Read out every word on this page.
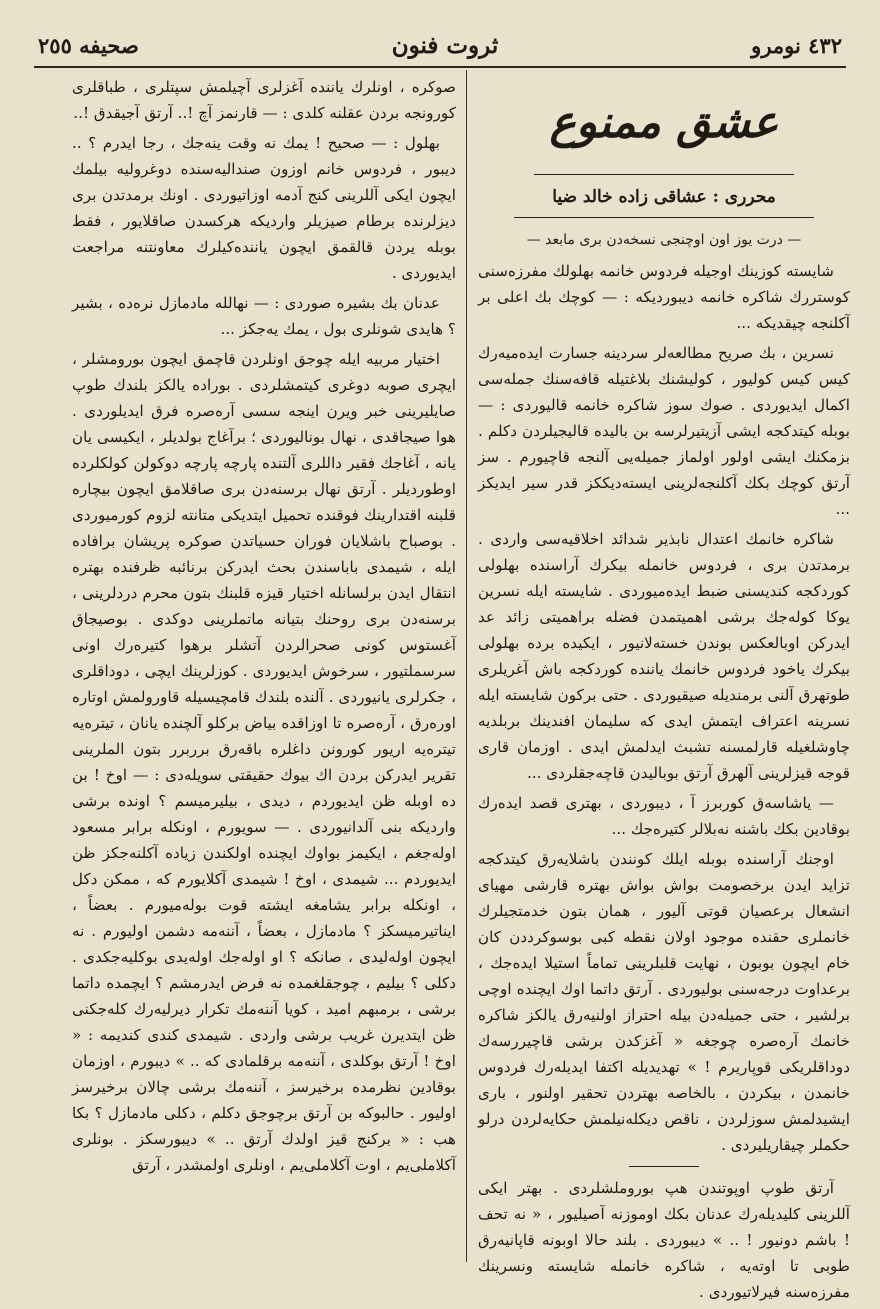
٤٣٢ نومرو
ثروت فنون
صحیفه ٢٥٥
عشق ممنوع
محرری : عشاقی زاده خالد ضیا
— درت یوز اون اوچنجی نسخه‌دن بری مابعد —

شایسته کوزینك اوجیله فردوس خانمه بهلولك مفرزه‌سنی کوستررك شاکره خانمه دیبوردیکه : — کوچك بك اعلی بر آکلنجه چیقدیکه ...

نسرین ، بك صریح مطالعه‌لر سردینه جسارت ایده‌میه‌رك کیس کیس کولیور ، کولیشنك بلاغتیله قافه‌سنك جمله‌سی اکمال ایدیوردی . صوك سوز شاکره خانمه قالیوردی : — بوبله کیتدکجه ایشی آزیتیرلرسه بن بالیده قالیجیلردن دکلم . بزمکنك ایشی اولور اولماز جمیله‌یی آلنجه قاچیورم . سز آرتق کوچك بکك آکلنجه‌لرینی ایسته‌دیککز قدر سیر ایدیکز ...

شاکره خانمك اعتدال نابذیر شدائد اخلاقیه‌سی واردی . برمدتدن بری ، فردوس خانمله بیکرك آراسنده بهلولی کوردکجه کندیسنی ضبط ایده‌میوردی . شایسته ایله نسرین یوکا کوله‌جك برشی اهمیتمدن فضله براهمیتی زائد عد ایدرکن اوبالعکس بوندن خسته‌لانیور ، ایکیده برده بهلولی بیکرك یاخود فردوس خانمك یاننده کوردکجه باش آغریلری طوتهرق آلنی برمندیله صیقیوردی . حتی برکون شایسته ایله نسرینه اعتراف ایتمش ایدی که سلیمان افندینك بربلدیه چاوشلغیله قارلمسنه تشبث ایدلمش ایدی . اوزمان قاری قوجه قیزلرینی آلهرق آرتق بوبالیدن قاچه‌جقلردی ...

— یاشاسه‌ق کوربرز آ ، دیبوردی ، بهتری قصد ایده‌رك بوقادین بکك باشنه نه‌بلالر کتیره‌جك ...

اوجنك آراسنده بوبله ایلك کونندن باشلایه‌رق کیتدکجه تزاید ایدن برخصومت بواش بواش بهتره قارشی مهیای انشعال برعصیان قوتی آلیور ، همان بتون خدمتجیلرك خانملری حقنده موجود اولان نقطه کبی بوسوکرددن کان خام ایچون بوبون ، نهایت قلبلرینی تماماً استیلا ایده‌جك ، برعداوت درجه‌سنی بولیوردی . آرتق داتما اوك ایچنده اوچی برلشیر ، حتی جمیله‌دن بیله احتراز اولنیه‌رق یالکز شاکره خانمك آره‌صره چوجغه « آغزکدن برشی قاچیررسه‌ك دوداقلریکی قوپاریرم ! » تهدیدیله اکتفا ایدیله‌رك فردوس خانمدن ، بیکردن ، بالخاصه بهتردن تحقیر اولنور ، باری ایشیدلمش سوزلردن ، ناقص دیکله‌نیلمش حکایه‌لردن درلو حکملر چیقاریلیردی .

آرتق طوپ اوپوتندن هپ بوروملشلردی . بهتر ایکی آللرینی کلیدیله‌رك عدنان بکك اوموزنه آصیلیور ، « نه تحف ! باشم دونیور ! .. » دیبوردی . بلند حالا اوبونه قاپانیه‌رق طوبی تا اوته‌یه ، شاکره خانمله شایسته ونسرینك مفرزه‌سنه فیرلاتیوردی .

صوکره ، اونلرك یاننده آغزلری آچیلمش سپتلری ، طباقلری کورونجه بردن عقلنه کلدی : — قارنمز آچ !.. آرتق آجیقدق !..

بهلول : — صحیح ! یمك نه وقت ینه‌جك ، رجا ایدرم ؟ .. دیبور ، فردوس خانم اوزون صندالیه‌سنده دوغرولیه بیلمك ایچون ایکی آللرینی کنج آدمه اوزاتیوردی . اونك برمدتدن بری دیزلرنده برطام صیزیلر واردیکه هرکسدن صاقلایور ، فقط بوبله یردن قالقمق ایچون یاننده‌کیلرك معاونتنه مراجعت ایدیوردی .

عدنان بك بشیره صوردی : — نهالله مادمازل نره‌ده ، بشیر ؟ هایدی شونلری بول ، یمك یه‌جکز ...

اختیار مربیه ایله چوجق اونلردن قاچمق ایچون بورومشلر ، ایچری صوبه دوغری کیتمشلردی . بوراده یالکز بلندك طوپ صایلیرینی خبر ویرن اینجه سسی آره‌صره فرق ایدیلوردی . هوا صیجاقدی ، نهال بونالیوردی ؛ برآغاج بولدیلر ، ایکیسی یان یانه ، آغاجك فقیر داللری آلتنده پارچه پارچه دوکولن کولکلرده اوطوردیلر . آرتق نهال برسنه‌دن بری صاقلامق ایچون بیچاره قلبنه اقتدارینك فوقنده تحمیل ایتدیکی متانته لزوم کورمیوردی . بوصباح باشلایان فوران حسیاتدن صوکره پریشان برافاده ایله ، شیمدی باباسندن بحث ایدرکن برنائبه ظرفنده بهتره انتقال ایدن برلسانله اختیار قیزه قلبنك بتون محرم دردلرینی ، برسنه‌دن بری روحنك بتیانه ماتملرینی دوکدی . بوصیجاق آغستوس کونی صحرالردن آتشلر برهوا کتیره‌رك اونی سرسملتیور ، سرخوش ایدیوردی . کوزلرینك ایچی ، دوداقلری ، جکرلری یانیوردی . آلنده بلندك قامچیسیله قاورولمش اوتاره اوره‌رق ، آره‌صره تا اوزاقده بیاض برکلو آلچنده یانان ، تیتره‌یه تیتره‌یه اریور کورونن داغلره باقه‌رق برربرر بتون الملرینی تقریر ایدرکن بردن اك بیوك حقیقتی سویله‌دی : — اوخ ! بن ده اوبله ظن ایدیوردم ، دیدی ، بیلیرمیسم ؟ اونده برشی واردیکه بنی آلدانیوردی . — سویورم ، اونکله برابر مسعود اوله‌جغم ، ایکیمز بواوك ایچنده اولکندن زیاده آکلنه‌جکز ظن ایدیوردم ... شیمدی ، اوخ ! شیمدی آکلایورم که ، ممکن دکل ، اونکله برابر یشامغه ایشته قوت بوله‌میورم . بعضاً ، ایناتیرمیسکز ؟ مادمازل ، بعضاً ، آننه‌مه دشمن اولیورم . نه ایچون اوله‌لیدی ، صانکه ؟ او اوله‌جك اوله‌یدی بوکلیه‌جکدی . دکلی ؟ بیلیم ، چوجقلغمده نه فرض ایدرمشم ؟ ایچمده داتما برشی ، برمبهم امید ، کویا آننه‌مك تکرار دیرلیه‌رك کله‌جکنی ظن ایتدیرن غریب برشی واردی . شیمدی کندی کندیمه : « اوخ ! آرتق بوکلدی ، آننه‌مه برقلمادی که .. » دیبورم ، اوزمان بوقادین نظرمده برخیرسز ، آننه‌مك برشی چالان برخیرسز اولیور . حالبوکه بن آرتق برچوجق دکلم ، دکلی مادمازل ؟ بکا هب : « برکنج قیز اولدك آرتق .. » دیبورسکز . بونلری آکلاملی‌یم ، اوت آکلاملی‌یم ، اونلری اولمشدر ، آرتق
